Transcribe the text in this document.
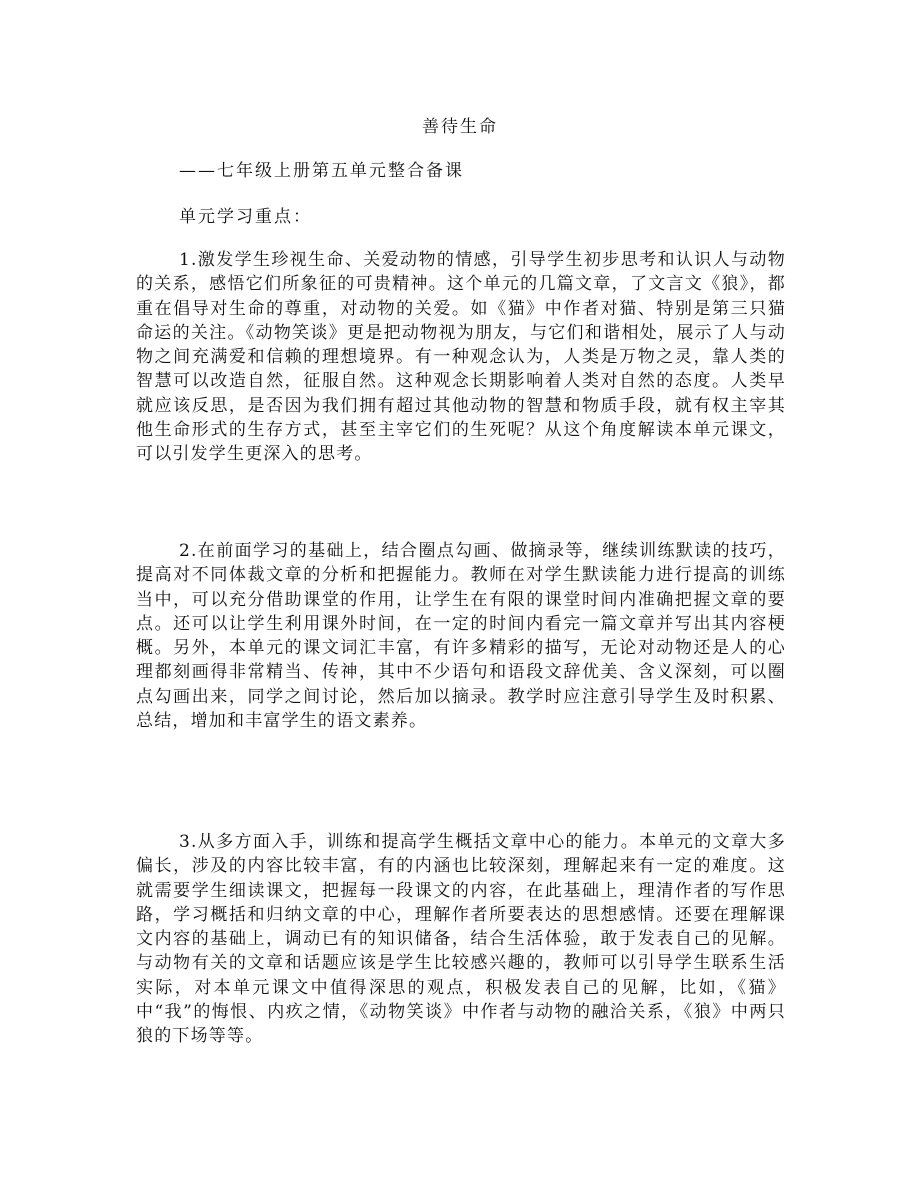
善待生命
——七年级上册第五单元整合备课
单元学习重点：

1.激发学生珍视生命、关爱动物的情感，引导学生初步思考和认识人与动物的关系，感悟它们所象征的可贵精神。这个单元的几篇文章，了文言文《狼》，都重在倡导对生命的尊重，对动物的关爱。如《猫》中作者对猫、特别是第三只猫命运的关注。《动物笑谈》更是把动物视为朋友，与它们和谐相处，展示了人与动物之间充满爱和信赖的理想境界。有一种观念认为，人类是万物之灵，靠人类的智慧可以改造自然，征服自然。这种观念长期影响着人类对自然的态度。人类早就应该反思，是否因为我们拥有超过其他动物的智慧和物质手段，就有权主宰其他生命形式的生存方式，甚至主宰它们的生死呢？从这个角度解读本单元课文，可以引发学生更深入的思考。

2.在前面学习的基础上，结合圈点勾画、做摘录等，继续训练默读的技巧，提高对不同体裁文章的分析和把握能力。教师在对学生默读能力进行提高的训练当中，可以充分借助课堂的作用，让学生在有限的课堂时间内准确把握文章的要点。还可以让学生利用课外时间，在一定的时间内看完一篇文章并写出其内容梗概。另外，本单元的课文词汇丰富，有许多精彩的描写，无论对动物还是人的心理都刻画得非常精当、传神，其中不少语句和语段文辞优美、含义深刻，可以圈点勾画出来，同学之间讨论，然后加以摘录。教学时应注意引导学生及时积累、总结，增加和丰富学生的语文素养。

3.从多方面入手，训练和提高学生概括文章中心的能力。本单元的文章大多偏长，涉及的内容比较丰富，有的内涵也比较深刻，理解起来有一定的难度。这就需要学生细读课文，把握每一段课文的内容，在此基础上，理清作者的写作思路，学习概括和归纳文章的中心，理解作者所要表达的思想感情。还要在理解课文内容的基础上，调动已有的知识储备，结合生活体验，敢于发表自己的见解。与动物有关的文章和话题应该是学生比较感兴趣的，教师可以引导学生联系生活实际，对本单元课文中值得深思的观点，积极发表自己的见解，比如，《猫》中“我”的悔恨、内疚之情，《动物笑谈》中作者与动物的融洽关系，《狼》中两只狼的下场等等。
